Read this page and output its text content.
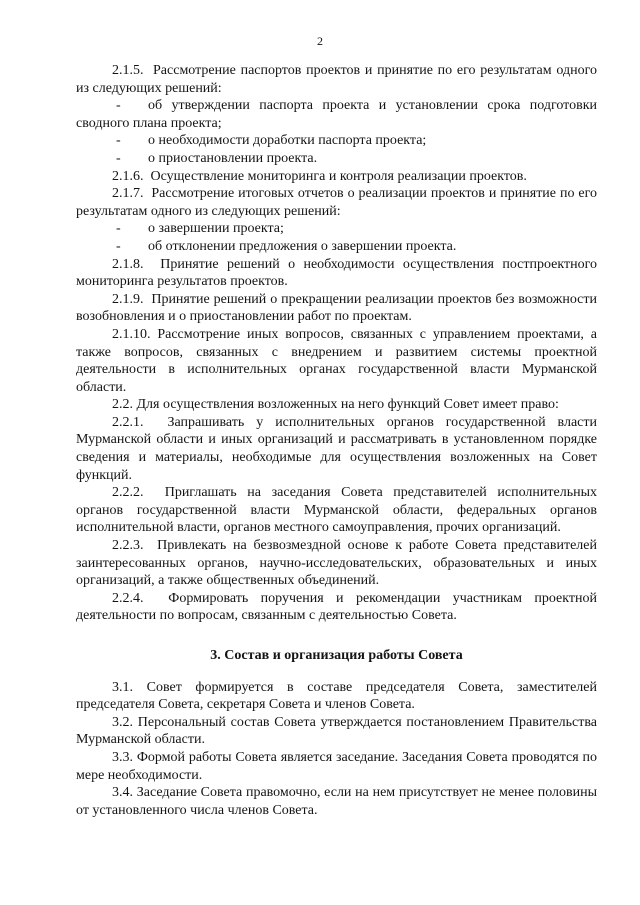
2

2.1.5.  Рассмотрение паспортов проектов и принятие по его результатам одного из следующих решений:

- об утверждении паспорта проекта и установлении срока подготовки сводного плана проекта;

- о необходимости доработки паспорта проекта;

- о приостановлении проекта.

2.1.6.  Осуществление мониторинга и контроля реализации проектов.

2.1.7.  Рассмотрение итоговых отчетов о реализации проектов и принятие по его результатам одного из следующих решений:

- о завершении проекта;

- об отклонении предложения о завершении проекта.

2.1.8.  Принятие решений о необходимости осуществления постпроектного мониторинга результатов проектов.

2.1.9.  Принятие решений о прекращении реализации проектов без возможности возобновления и о приостановлении работ по проектам.

2.1.10. Рассмотрение иных вопросов, связанных с управлением проектами, а также вопросов, связанных с внедрением и развитием системы проектной деятельности в исполнительных органах государственной власти Мурманской области.

2.2. Для осуществления возложенных на него функций Совет имеет право:

2.2.1.  Запрашивать у исполнительных органов государственной власти Мурманской области и иных организаций и рассматривать в установленном порядке сведения и материалы, необходимые для осуществления возложенных на Совет функций.

2.2.2.  Приглашать на заседания Совета представителей исполнительных органов государственной власти Мурманской области, федеральных органов исполнительной власти, органов местного самоуправления, прочих организаций.

2.2.3.  Привлекать на безвозмездной основе к работе Совета представителей заинтересованных органов, научно-исследовательских, образовательных и иных организаций, а также общественных объединений.

2.2.4.  Формировать поручения и рекомендации участникам проектной деятельности по вопросам, связанным с деятельностью Совета.

3. Состав и организация работы Совета

3.1. Совет формируется в составе председателя Совета, заместителей председателя Совета, секретаря Совета и членов Совета.

3.2. Персональный состав Совета утверждается постановлением Правительства Мурманской области.

3.3. Формой работы Совета является заседание. Заседания Совета проводятся по мере необходимости.

3.4. Заседание Совета правомочно, если на нем присутствует не менее половины от установленного числа членов Совета.
